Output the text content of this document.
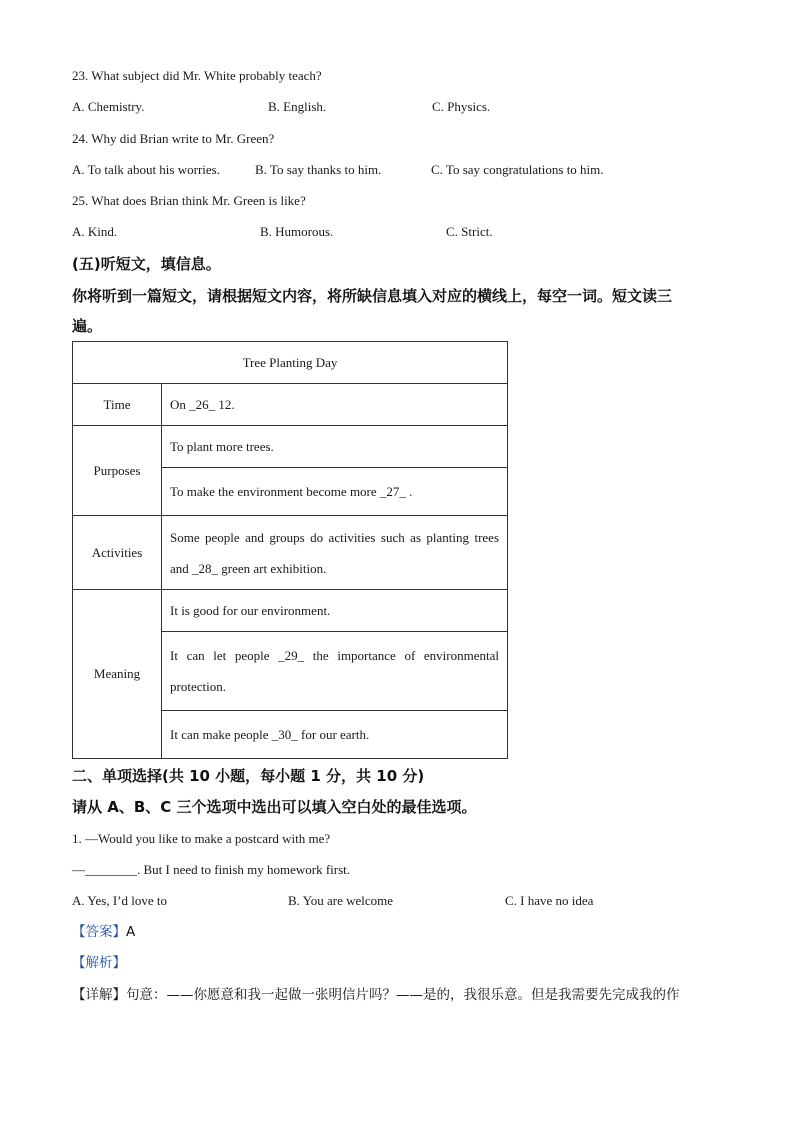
23. What subject did Mr. White probably teach?
A. Chemistry.	B. English.	C. Physics.
24. Why did Brian write to Mr. Green?
A. To talk about his worries.	B. To say thanks to him.	C. To say congratulations to him.
25. What does Brian think Mr. Green is like?
A. Kind.	B. Humorous.	C. Strict.
(五)听短文，填信息。
你将听到一篇短文，请根据短文内容，将所缺信息填入对应的横线上，每空一词。短文读三
遍。
Tree Planting Day	
Time	On _26_ 12.
Purposes	To plant more trees.
	To make the environment become more _27_ .
Activities	Some people and groups do activities such as planting trees and _28_ green art exhibition.
Meaning	It is good for our environment.
	It can let people _29_ the importance of environmental protection.
	It can make people _30_ for our earth.
二、单项选择(共 10 小题，每小题 1 分，共 10 分)
请从 A、B、C 三个选项中选出可以填入空白处的最佳选项。
1. —Would you like to make a postcard with me?
—________. But I need to finish my homework first.
A. Yes, I’d love to	B. You are welcome	C. I have no idea
【答案】A
【解析】
【详解】句意：——你愿意和我一起做一张明信片吗？——是的，我很乐意。但是我需要先完成我的作
